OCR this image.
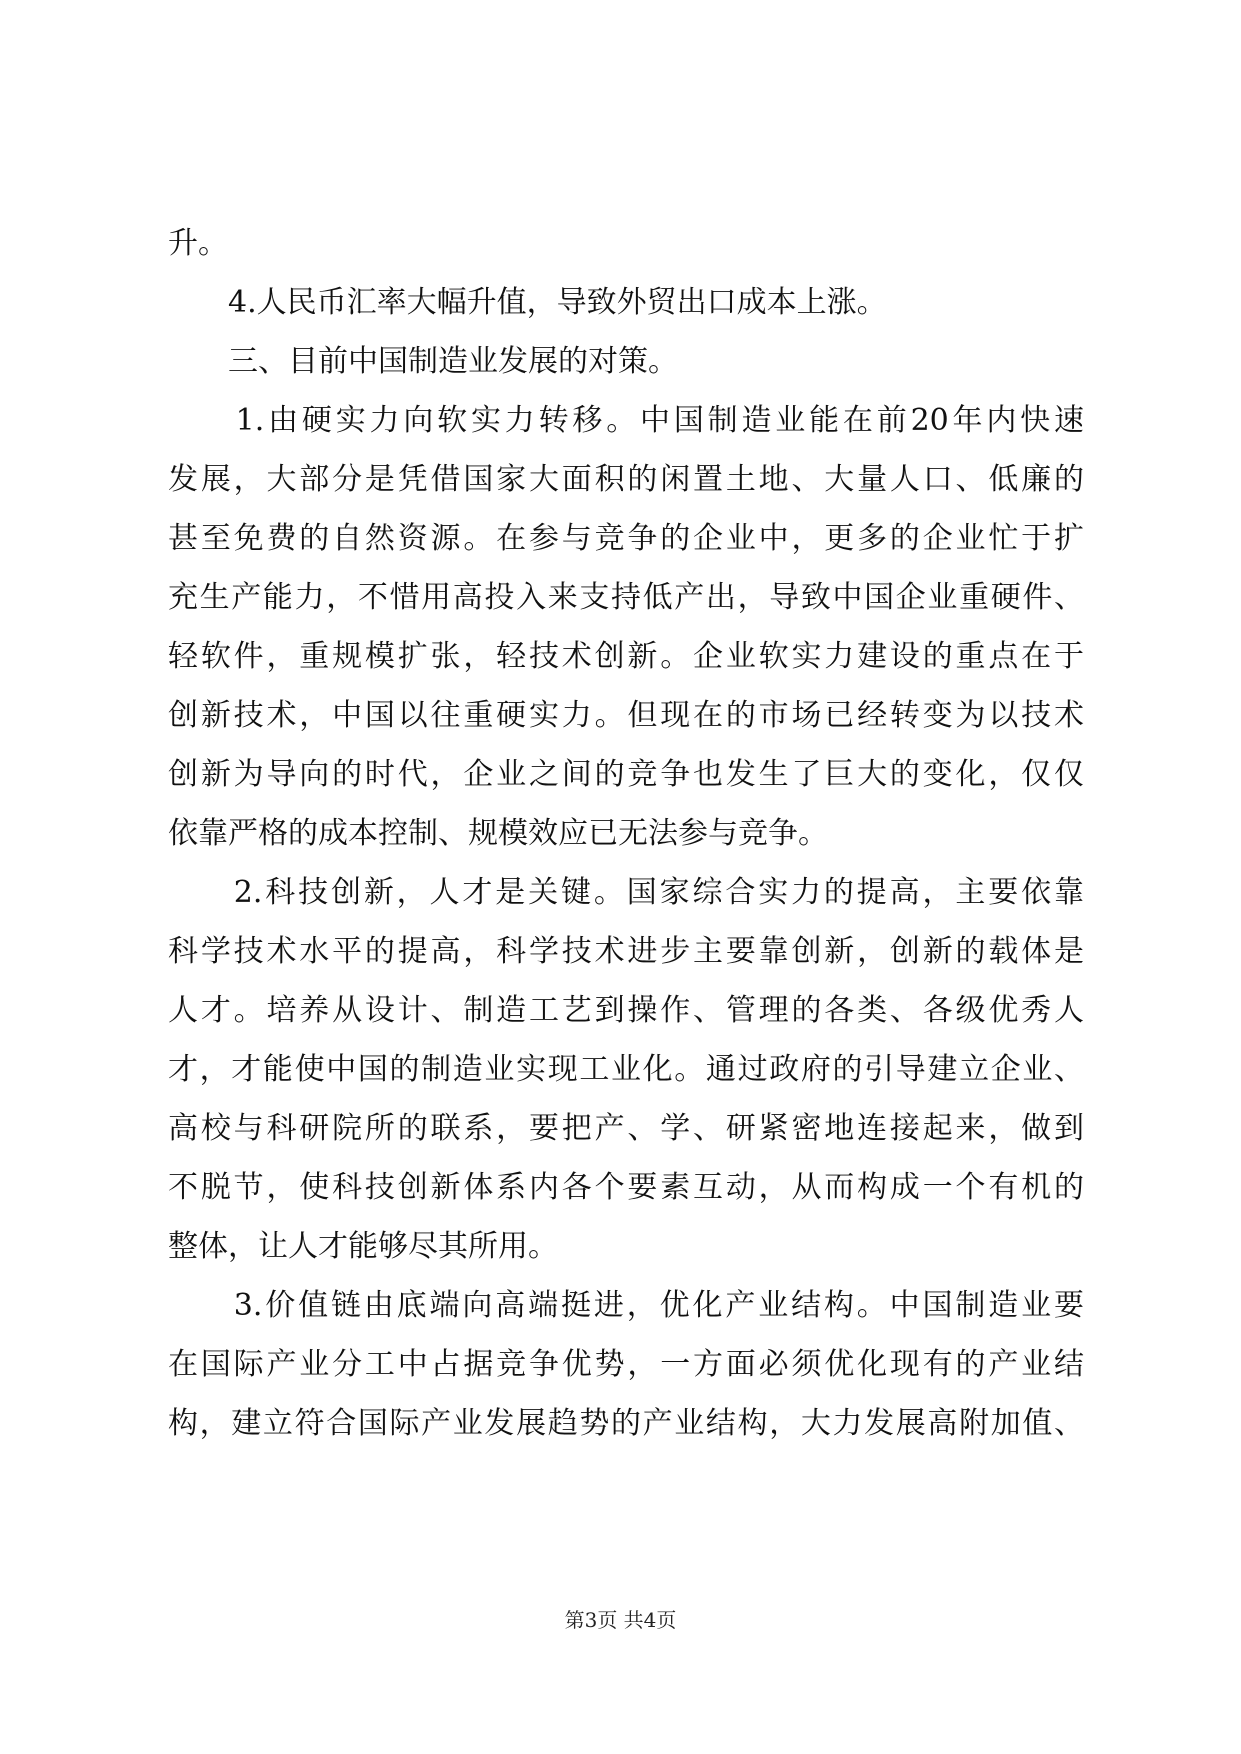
升。
　　4.人民币汇率大幅升值，导致外贸出口成本上涨。
　　三、目前中国制造业发展的对策。
　　1.由硬实力向软实力转移。中国制造业能在前20年内快速
发展，大部分是凭借国家大面积的闲置土地、大量人口、低廉的
甚至免费的自然资源。在参与竞争的企业中，更多的企业忙于扩
充生产能力，不惜用高投入来支持低产出，导致中国企业重硬件、
轻软件，重规模扩张，轻技术创新。企业软实力建设的重点在于
创新技术，中国以往重硬实力。但现在的市场已经转变为以技术
创新为导向的时代，企业之间的竞争也发生了巨大的变化，仅仅
依靠严格的成本控制、规模效应已无法参与竞争。
　　2.科技创新，人才是关键。国家综合实力的提高，主要依靠
科学技术水平的提高，科学技术进步主要靠创新，创新的载体是
人才。培养从设计、制造工艺到操作、管理的各类、各级优秀人
才，才能使中国的制造业实现工业化。通过政府的引导建立企业、
高校与科研院所的联系，要把产、学、研紧密地连接起来，做到
不脱节，使科技创新体系内各个要素互动，从而构成一个有机的
整体，让人才能够尽其所用。
　　3.价值链由底端向高端挺进，优化产业结构。中国制造业要
在国际产业分工中占据竞争优势，一方面必须优化现有的产业结
构，建立符合国际产业发展趋势的产业结构，大力发展高附加值、
第3页 共4页
